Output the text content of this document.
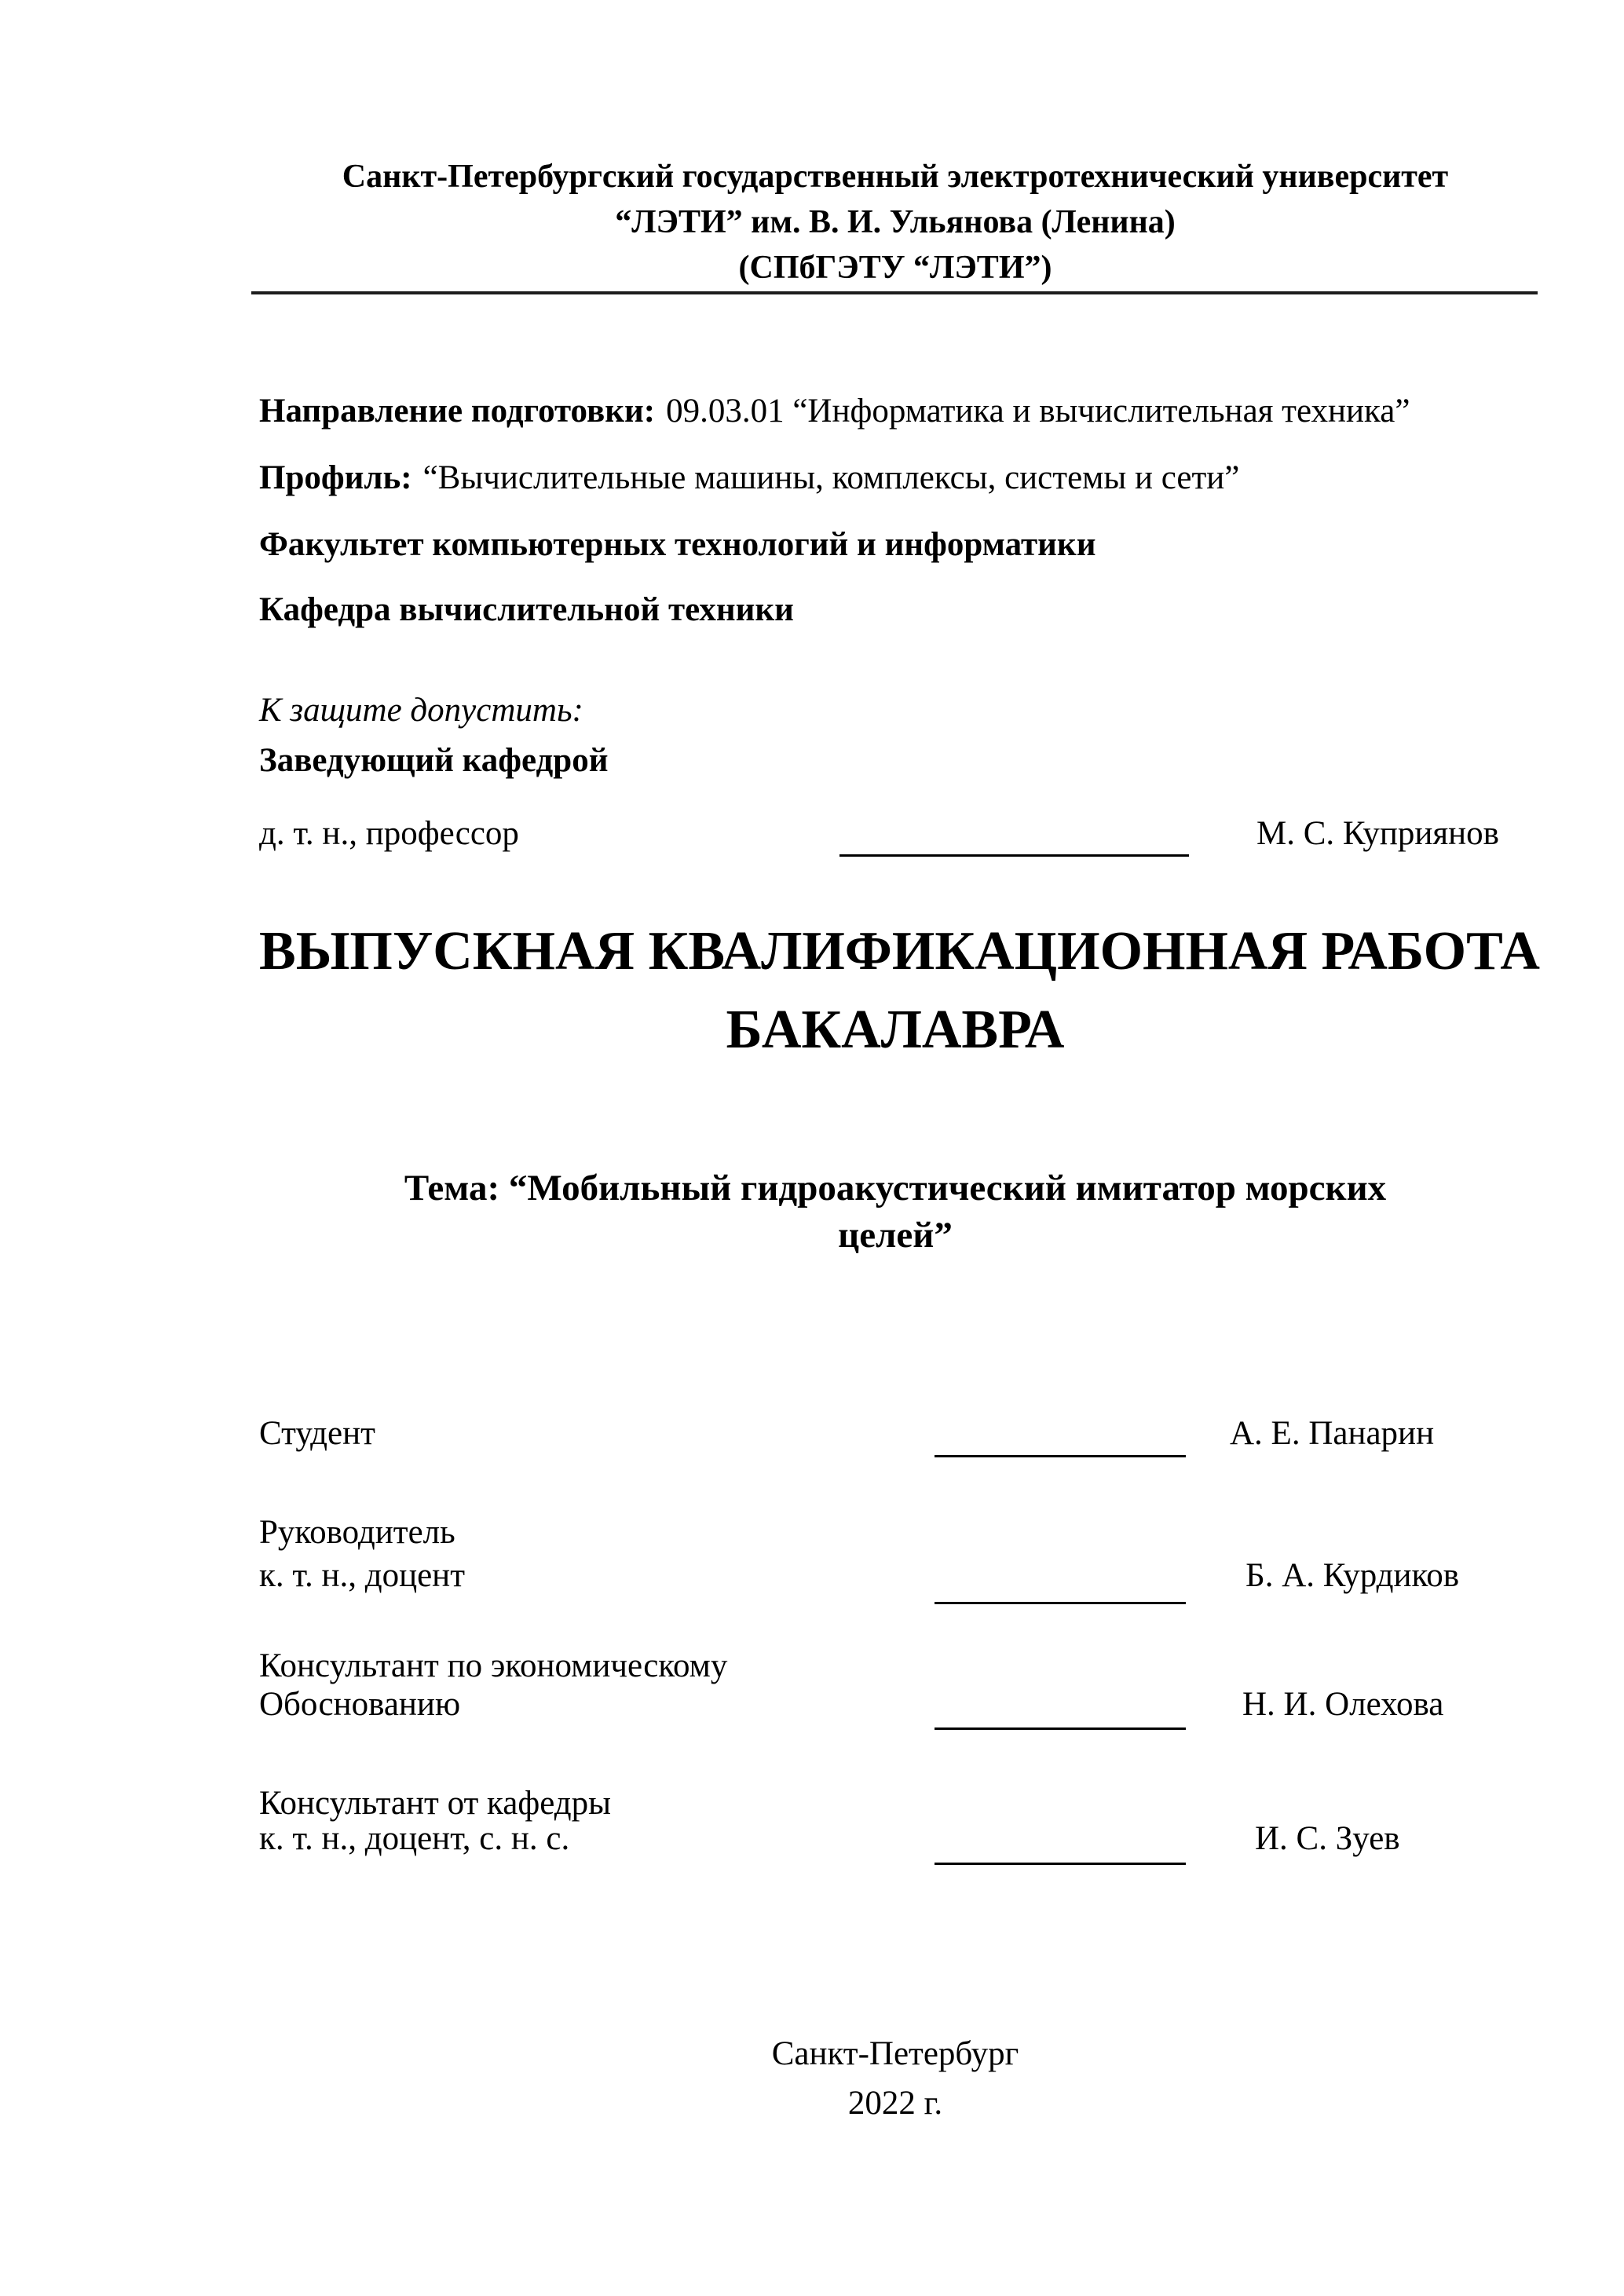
Санкт-Петербургский государственный электротехнический университет
“ЛЭТИ” им. В. И. Ульянова (Ленина)
(СПбГЭТУ “ЛЭТИ”)
Направление подготовки: 09.03.01 “Информатика и вычислительная техника”
Профиль: “Вычислительные машины, комплексы, системы и сети”
Факультет компьютерных технологий и информатики
Кафедра вычислительной техники
К защите допустить:
Заведующий кафедрой
д. т. н., профессор	М. С. Куприянов
ВЫПУСКНАЯ КВАЛИФИКАЦИОННАЯ РАБОТА
БАКАЛАВРА
Тема: “Мобильный гидроакустический имитатор морских
целей”
Студент	А. Е. Панарин
Руководитель
к. т. н., доцент	Б. А. Курдиков
Консультант по экономическому
Обоснованию	Н. И. Олехова
Консультант от кафедры
к. т. н., доцент, с. н. с.	И. С. Зуев
Санкт-Петербург
2022 г.
